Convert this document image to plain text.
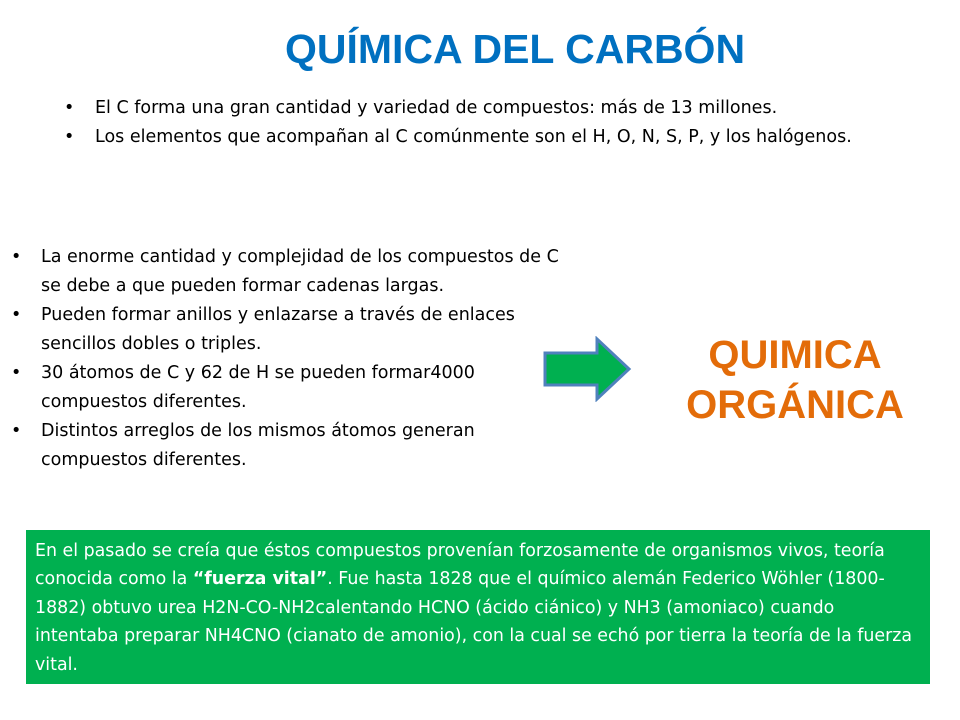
QUÍMICA DEL CARBÓN
• El C forma una gran cantidad y variedad de compuestos: más de 13 millones.
• Los elementos que acompañan al C comúnmente son el H, O, N, S, P, y los halógenos.
• La enorme cantidad y complejidad de los compuestos de C se debe a que pueden formar cadenas largas.
• Pueden formar anillos y enlazarse a través de enlaces sencillos dobles o triples.
• 30 átomos de C y 62 de H se pueden formar4000 compuestos diferentes.
• Distintos arreglos de los mismos átomos generan compuestos diferentes.
QUIMICA
ORGÁNICA
En el pasado se creía que éstos compuestos provenían forzosamente de organismos vivos, teoría conocida como la “fuerza vital”. Fue hasta 1828 que el químico alemán Federico Wöhler (1800-1882) obtuvo urea H2N-CO-NH2calentando HCNO (ácido ciánico) y NH3 (amoniaco) cuando intentaba preparar NH4CNO (cianato de amonio), con la cual se echó por tierra la teoría de la fuerza vital.
